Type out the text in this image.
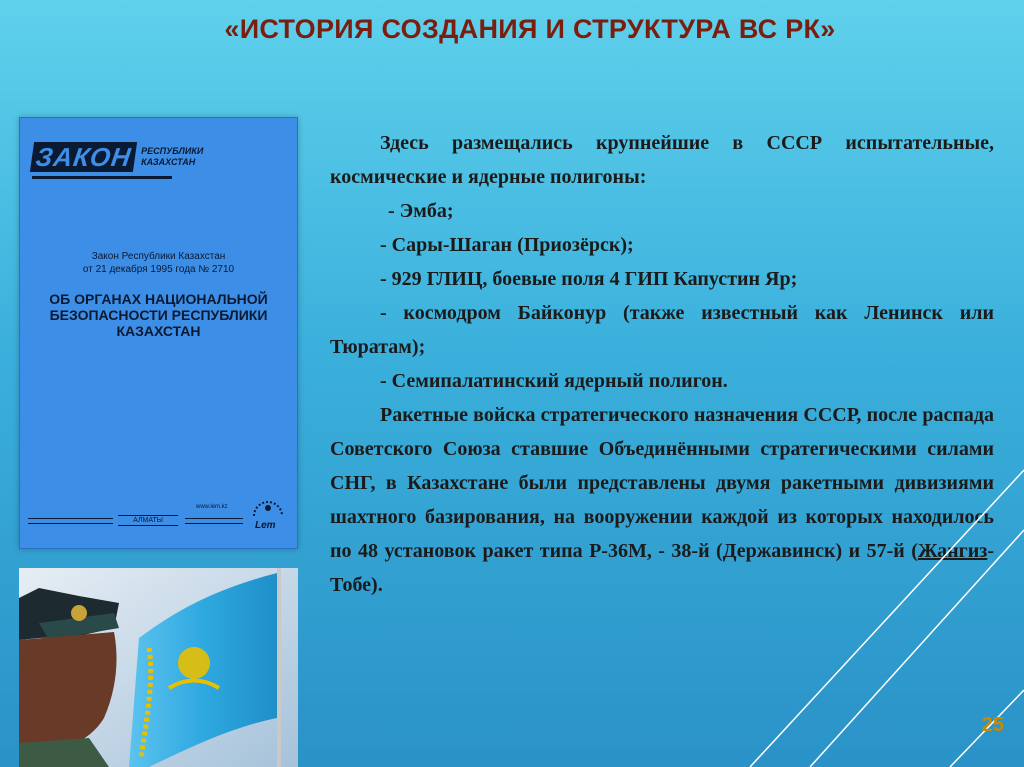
«ИСТОРИЯ СОЗДАНИЯ И СТРУКТУРА ВС РК»
ЗАКОН РЕСПУБЛИКИ
КАЗАХСТАН
Закон Республики Казахстан
от 21 декабря 1995 года № 2710
ОБ ОРГАНАХ НАЦИОНАЛЬНОЙ
БЕЗОПАСНОСТИ РЕСПУБЛИКИ
КАЗАХСТАН
www.lem.kz
АЛМАТЫ	Lem

Здесь размещались крупнейшие в СССР испытательные, космические и ядерные полигоны:

- Эмба;

- Сары-Шаган (Приозёрск);

- 929 ГЛИЦ, боевые поля 4 ГИП Капустин Яр;

- космодром Байконур (также известный как Ленинск или Тюратам);

- Семипалатинский ядерный полигон.

Ракетные войска стратегического назначения СССР, после распада Советского Союза ставшие Объединёнными стратегическими силами СНГ, в Казахстане были представлены двумя ракетными дивизиями шахтного базирования, на вооружении каждой из которых находилось по 48 установок ракет типа Р-36М, - 38-й (Державинск) и 57-й (Жангиз-Тобе).

25
